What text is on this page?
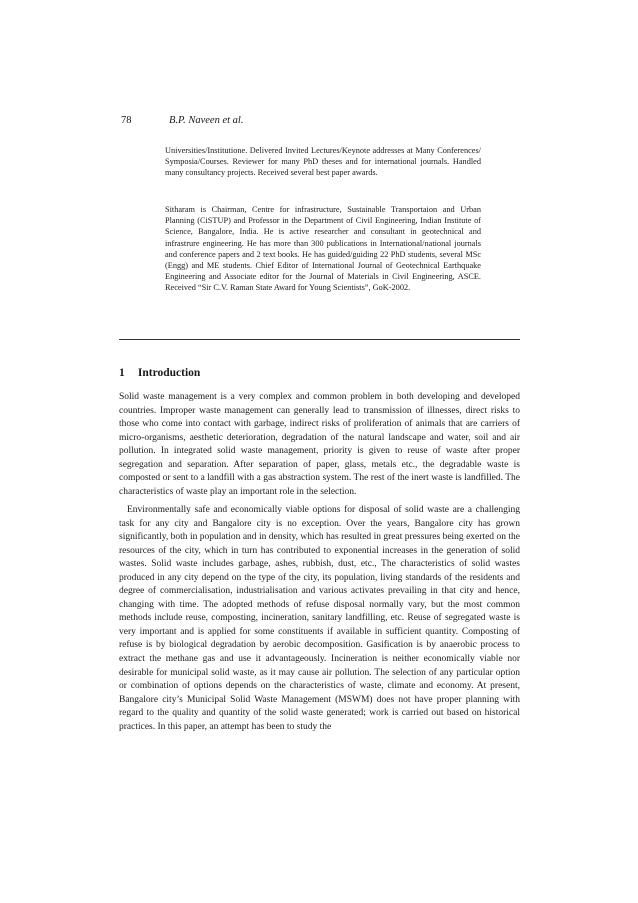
78	B.P. Naveen et al.
Universities/Institutione. Delivered Invited Lectures/Keynote addresses at Many Conferences/ Symposia/Courses. Reviewer for many PhD theses and for international journals. Handled many consultancy projects. Received several best paper awards.
Sitharam is Chairman, Centre for infrastructure, Sustainable Transportaion and Urban Planning (CiSTUP) and Professor in the Department of Civil Engineering, Indian Institute of Science, Bangalore, India. He is active researcher and consultant in geotechnical and infrastrure engineering. He has more than 300 publications in International/national journals and conference papers and 2 text books. He has guided/guiding 22 PhD students, several MSc (Engg) and ME students. Chief Editor of International Journal of Geotechnical Earthquake Engineering and Associate editor for the Journal of Materials in Civil Engineering, ASCE. Received “Sir C.V. Raman State Award for Young Scientists”, GoK-2002.
1 Introduction

Solid waste management is a very complex and common problem in both developing and developed countries. Improper waste management can generally lead to transmission of illnesses, direct risks to those who come into contact with garbage, indirect risks of proliferation of animals that are carriers of micro-organisms, aesthetic deterioration, degradation of the natural landscape and water, soil and air pollution. In integrated solid waste management, priority is given to reuse of waste after proper segregation and separation. After separation of paper, glass, metals etc., the degradable waste is composted or sent to a landfill with a gas abstraction system. The rest of the inert waste is landfilled. The characteristics of waste play an important role in the selection.

Environmentally safe and economically viable options for disposal of solid waste are a challenging task for any city and Bangalore city is no exception. Over the years, Bangalore city has grown significantly, both in population and in density, which has resulted in great pressures being exerted on the resources of the city, which in turn has contributed to exponential increases in the generation of solid wastes. Solid waste includes garbage, ashes, rubbish, dust, etc., The characteristics of solid wastes produced in any city depend on the type of the city, its population, living standards of the residents and degree of commercialisation, industrialisation and various activates prevailing in that city and hence, changing with time. The adopted methods of refuse disposal normally vary, but the most common methods include reuse, composting, incineration, sanitary landfilling, etc. Reuse of segregated waste is very important and is applied for some constituents if available in sufficient quantity. Composting of refuse is by biological degradation by aerobic decomposition. Gasification is by anaerobic process to extract the methane gas and use it advantageously. Incineration is neither economically viable nor desirable for municipal solid waste, as it may cause air pollution. The selection of any particular option or combination of options depends on the characteristics of waste, climate and economy. At present, Bangalore city’s Municipal Solid Waste Management (MSWM) does not have proper planning with regard to the quality and quantity of the solid waste generated; work is carried out based on historical practices. In this paper, an attempt has been to study the
